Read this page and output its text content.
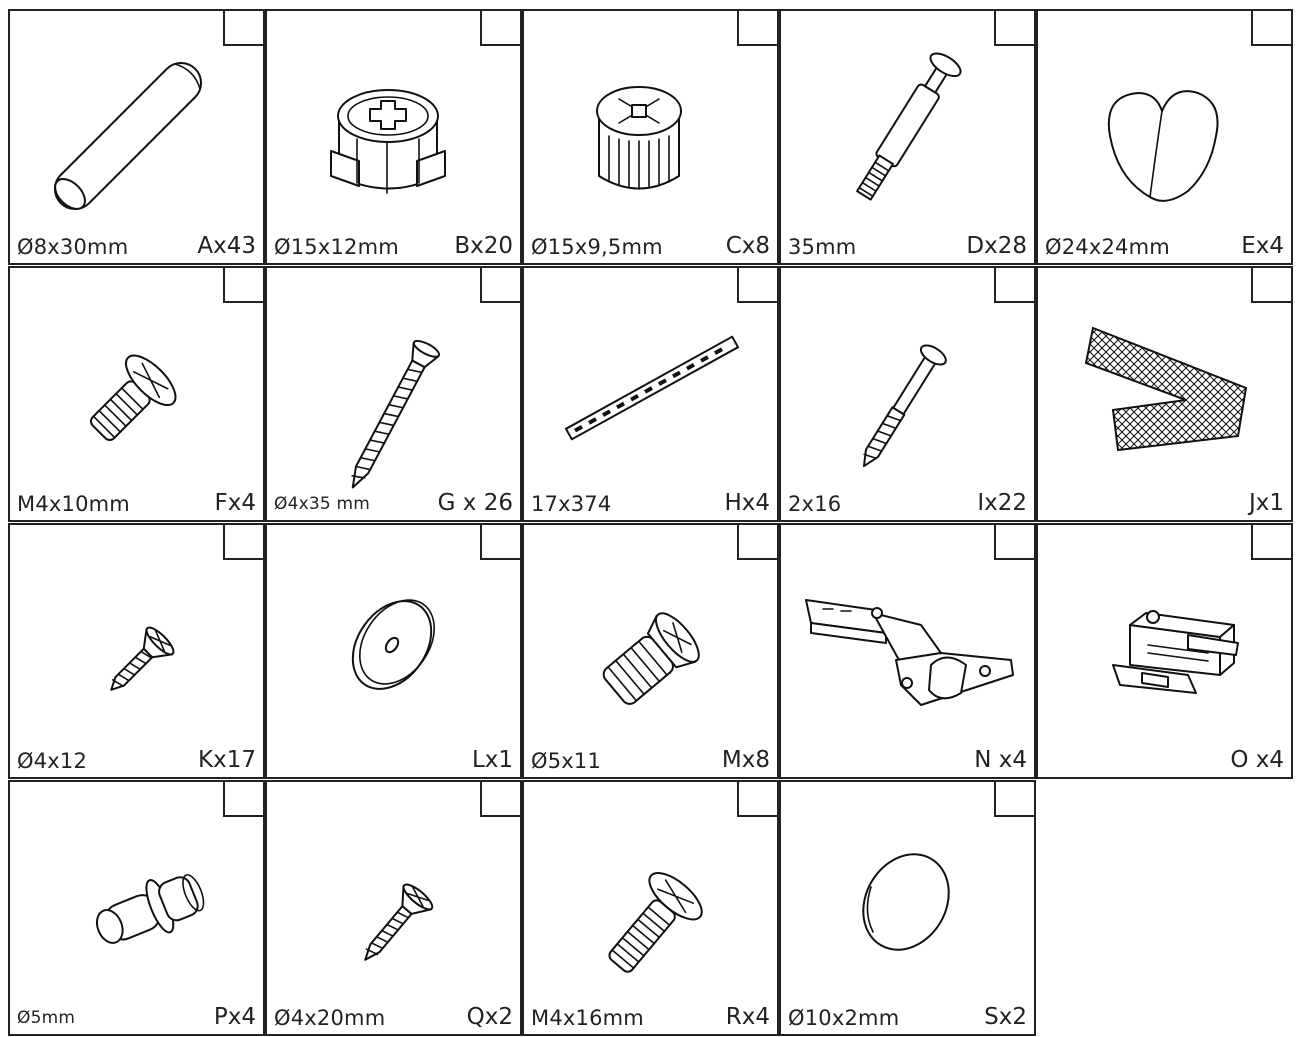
Ø8x30mm	Ax43 Ø15x12mm Bx20 Ø15x9,5mm	Cx8 35mm	Dx28 Ø24x24mm	Ex4
M4x10mm	Fx4 Ø4x35 mm	G x 26 17x374	Hx4 2x16	Ix22	Jx1
Ø4x12	Kx17	Lx1 Ø5x11	Mx8	N x4	O x4
Ø5mm	Px4 Ø4x20mm	Qx2 M4x16mm	Rx4 Ø10x2mm	Sx2
